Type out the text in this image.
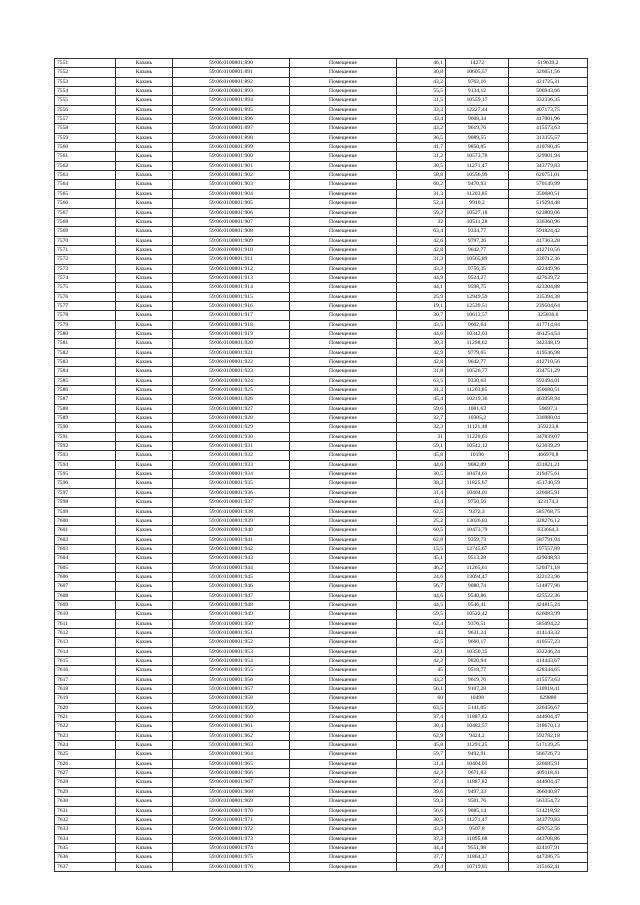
7551	Казань	59:06:0100801:890	Помещение	46,1	14272	519639,2
7552	Казань	59:06:0100801:891	Помещение	30,8	10605,57	326651,56
7553	Казань	59:06:0100801:892	Помещение	43,2	9762,16	421725,31
7554	Казань	59:06:0100801:893	Помещение	55,5	9134,12	506943,66
7555	Казань	59:06:0100801:894	Помещение	31,5	10559,17	332336,35
7556	Казань	59:06:0100801:895	Помещение	33,3	12227,44	407173,75
7557	Казань	59:06:0100801:896	Помещение	43,4	9608,34	417001,96
7558	Казань	59:06:0100801:897	Помещение	43,2	9619,76	415573,63
7559	Казань	59:06:0100801:898	Помещение	36,5	9089,55	313355,57
7560	Казань	59:06:0100801:899	Помещение	41,7	9850,85	410780,45
7561	Казань	59:06:0100801:900	Помещение	31,2	10573,78	329901,94
7562	Казань	59:06:0100801:901	Помещение	30,5	11271,47	343779,83
7563	Казань	59:06:0100801:902	Помещение	58,8	10556,99	620751,01
7564	Казань	59:06:0100801:903	Помещение	60,2	9470,93	570149,99
7565	Казань	59:06:0100801:904	Помещение	31,3	11203,85	350680,51
7566	Казань	59:06:0100801:905	Помещение	52,4	9910,2	519294,48
7567	Казань	59:06:0100801:906	Помещение	59,2	10527,18	623809,06
7568	Казань	59:06:0100801:907	Помещение	32	10511,28	336360,96
7569	Казань	59:06:0100801:908	Помещение	63,4	9334,77	591824,42
7570	Казань	59:06:0100801:909	Помещение	42,6	9797,26	417363,28
7571	Казань	59:06:0100801:910	Помещение	42,8	9642,77	412710,56
7572	Казань	59:06:0100801:911	Помещение	31,3	10565,89	330712,36
7573	Казань	59:06:0100801:912	Помещение	43,3	9756,35	422449,96
7574	Казань	59:06:0100801:913	Помещение	44,9	9524,27	427639,72
7575	Казань	59:06:0100801:914	Помещение	44,1	9598,75	423304,88
7576	Казань	59:06:0100801:915	Помещение	25,9	12949,59	335394,38
7577	Казань	59:06:0100801:916	Помещение	19,1	12539,51	239504,64
7578	Казань	59:06:0100801:917	Помещение	30,7	10613,57	325836,6
7579	Казань	59:06:0100801:918	Помещение	43,5	9602,64	417714,84
7580	Казань	59:06:0100801:919	Помещение	44,6	10342,03	461254,54
7581	Казань	59:06:0100801:920	Помещение	30,3	11298,62	342348,19
7582	Казань	59:06:0100801:921	Помещение	42,9	9779,65	419546,98
7583	Казань	59:06:0100801:922	Помещение	42,8	9642,77	412710,56
7584	Казань	59:06:0100801:923	Помещение	31,8	10526,77	334751,29
7585	Казань	59:06:0100801:924	Помещение	63,5	9330,63	592494,01
7586	Казань	59:06:0100801:925	Помещение	31,3	11203,85	350680,51
7587	Казань	59:06:0100801:926	Помещение	45,4	10219,36	463958,94
7588	Казань	59:06:0100801:927	Помещение	59,6	1001,63	59697,3
7589	Казань	59:06:0100801:928	Помещение	32,7	10305,2	336980,04
7590	Казань	59:06:0100801:929	Помещение	32,3	11121,48	359223,8
7591	Казань	59:06:0100801:930	Помещение	31	11220,61	347839,07
7592	Казань	59:06:0100801:931	Помещение	59,1	10542,12	623039,29
7593	Казань	59:06:0100801:932	Помещение	45,8	10196	466976,8
7594	Казань	59:06:0100801:933	Помещение	44,6	9682,09	431821,21
7595	Казань	59:06:0100801:934	Помещение	30,5	10474,61	319475,61
7596	Казань	59:06:0100801:935	Помещение	38,2	11825,67	451740,59
7597	Казань	59:06:0100801:936	Помещение	31,4	10404,01	326685,91
7598	Казань	59:06:0100801:937	Помещение	43,4	9750,56	423174,3
7599	Казань	59:06:0100801:938	Помещение	62,5	9372,3	585768,75
7600	Казань	59:06:0100801:939	Помещение	25,2	13026,83	328276,12
7601	Казань	59:06:0100801:940	Помещение	60,5	10473,79	633664,3
7602	Казань	59:06:0100801:941	Помещение	62,8	9359,73	587791,04
7603	Казань	59:06:0100801:942	Помещение	15,5	12745,67	197557,89
7604	Казань	59:06:0100801:943	Помещение	45,1	9513,28	429048,93
7605	Казань	59:06:0100801:944	Помещение	46,2	11265,61	520471,18
7606	Казань	59:06:0100801:945	Помещение	24,6	13094,47	322123,96
7607	Казань	59:06:0100801:946	Помещение	56,7	9080,74	514877,96
7608	Казань	59:06:0100801:947	Помещение	44,6	9540,86	425522,36
7609	Казань	59:06:0100801:948	Помещение	44,5	9546,41	424815,24
7610	Казань	59:06:0100801:949	Помещение	59,5	10522,42	626083,99
7611	Казань	59:06:0100801:950	Помещение	62,4	9376,51	585094,22
7612	Казань	59:06:0100801:951	Помещение	43	9631,24	414143,32
7613	Казань	59:06:0100801:952	Помещение	42,5	9660,17	410557,23
7614	Казань	59:06:0100801:953	Помещение	32,1	10350,35	332246,24
7615	Казань	59:06:0100801:954	Помещение	42,2	9820,94	414443,67
7616	Казань	59:06:0100801:955	Помещение	45	9518,77	428344,65
7617	Казань	59:06:0100801:956	Помещение	43,2	9619,76	415573,63
7618	Казань	59:06:0100801:957	Помещение	56,1	9107,28	510918,41
7619	Казань	59:06:0100801:958	Помещение	60	10498	629880
7620	Казань	59:06:0100801:959	Помещение	63,5	5141,05	326456,67
7621	Казань	59:06:0100801:960	Помещение	37,4	11887,82	444604,47
7622	Казань	59:06:0100801:961	Помещение	30,4	10482,57	318670,13
7623	Казань	59:06:0100801:962	Помещение	62,9	9424,2	592782,18
7624	Казань	59:06:0100801:963	Помещение	45,8	11291,25	517139,25
7625	Казань	59:06:0100801:964	Помещение	59,7	9492,91	566726,73
7626	Казань	59:06:0100801:965	Помещение	31,4	10404,01	326685,91
7627	Казань	59:06:0100801:966	Помещение	42,3	9671,83	409118,41
7628	Казань	59:06:0100801:967	Помещение	37,4	11887,82	444604,47
7629	Казань	59:06:0100801:968	Помещение	39,6	9497,33	366040,87
7630	Казань	59:06:0100801:969	Помещение	59,3	9501,76	563354,72
7631	Казань	59:06:0100801:970	Помещение	56,6	9085,14	514218,92
7632	Казань	59:06:0100801:971	Помещение	30,5	11271,47	343779,83
7633	Казань	59:06:0100801:972	Помещение	43,3	9507,8	429752,56
7634	Казань	59:06:0100801:973	Помещение	37,3	11895,68	443708,86
7635	Казань	59:06:0100801:974	Помещение	44,4	9551,98	424107,91
7636	Казань	59:06:0100801:975	Помещение	37,7	11864,37	447286,75
7637	Казань	59:06:0100801:976	Помещение	29,4	10719,81	315162,41
